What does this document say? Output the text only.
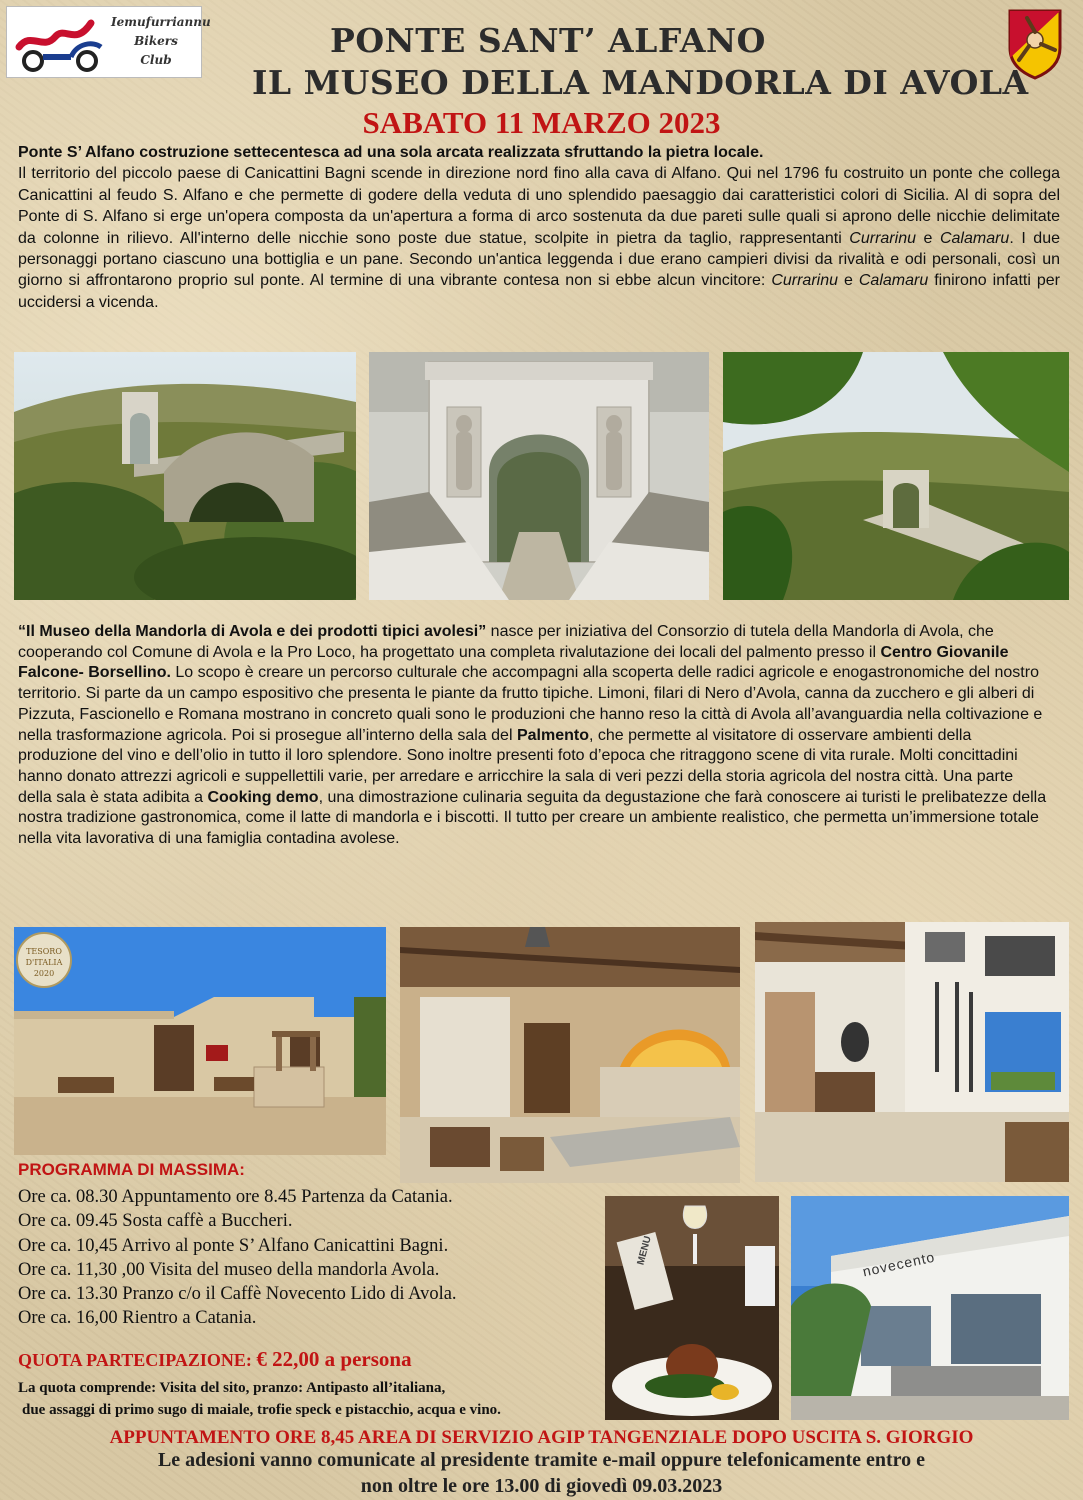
Iemufurriannu
Bikers
Club	PONTE SANT’ ALFANO
IL MUSEO DELLA MANDORLA DI AVOLA
SABATO 11 MARZO 2023
Ponte S’ Alfano costruzione settecentesca ad una sola arcata realizzata sfruttando la pietra locale.
Il territorio del piccolo paese di Canicattini Bagni scende in direzione nord fino alla cava di Alfano. Qui nel 1796 fu costruito un ponte che collega Canicattini al feudo S. Alfano e che permette di godere della veduta di uno splendido paesaggio dai caratteristici colori di Sicilia. Al di sopra del Ponte di S. Alfano si erge un'opera composta da un'apertura a forma di arco sostenuta da due pareti sulle quali si aprono delle nicchie delimitate da colonne in rilievo. All'interno delle nicchie sono poste due statue, scolpite in pietra da taglio, rappresentanti Currarinu e Calamaru. I due personaggi portano ciascuno una bottiglia e un pane. Secondo un'antica leggenda i due erano campieri divisi da rivalità e odi personali, così un giorno si affrontarono proprio sul ponte. Al termine di una vibrante contesa non si ebbe alcun vincitore: Currarinu e Calamaru finirono infatti per uccidersi a vicenda.
“Il Museo della Mandorla di Avola e dei prodotti tipici avolesi” nasce per iniziativa del Consorzio di tutela della Mandorla di Avola, che cooperando col Comune di Avola e la Pro Loco, ha progettato una completa rivalutazione dei locali del palmento presso il Centro Giovanile Falcone- Borsellino. Lo scopo è creare un percorso culturale che accompagni alla scoperta delle radici agricole e enogastronomiche del nostro territorio. Si parte da un campo espositivo che presenta le piante da frutto tipiche. Limoni, filari di Nero d’Avola, canna da zucchero e gli alberi di Pizzuta, Fascionello e Romana mostrano in concreto quali sono le produzioni che hanno reso la città di Avola all’avanguardia nella coltivazione e nella trasformazione agricola. Poi si prosegue all’interno della sala del Palmento, che permette al visitatore di osservare ambienti della produzione del vino e dell’olio in tutto il loro splendore. Sono inoltre presenti foto d’epoca che ritraggono scene di vita rurale. Molti concittadini hanno donato attrezzi agricoli e suppellettili varie, per arredare e arricchire la sala di veri pezzi della storia agricola del nostra città. Una parte della sala è stata adibita a Cooking demo, una dimostrazione culinaria seguita da degustazione che farà conoscere ai turisti le prelibatezze della nostra tradizione gastronomica, come il latte di mandorla e i biscotti. Il tutto per creare un ambiente realistico, che permetta un’immersione totale nella vita lavorativa di una famiglia contadina avolese.
TESORO
D'ITALIA
2020
PROGRAMMA DI MASSIMA:
Ore ca. 08.30 Appuntamento ore 8.45 Partenza da Catania.
Ore ca. 09.45 Sosta caffè a Buccheri.
Ore ca. 10,45 Arrivo al ponte S’ Alfano Canicattini Bagni.
Ore ca. 11,30 ,00 Visita del museo della mandorla Avola.
Ore ca. 13.30 Pranzo c/o il Caffè Novecento Lido di Avola.
Ore ca. 16,00 Rientro a Catania.
QUOTA PARTECIPAZIONE: € 22,00 a persona
La quota comprende: Visita del sito, pranzo: Antipasto all’italiana,
due assaggi di primo sugo di maiale, trofie speck e pistacchio, acqua e vino.
MENU	novecento
APPUNTAMENTO ORE 8,45 AREA DI SERVIZIO AGIP TANGENZIALE DOPO USCITA S. GIORGIO
Le adesioni vanno comunicate al presidente tramite e-mail oppure telefonicamente entro e
non oltre le ore 13.00 di giovedì 09.03.2023
